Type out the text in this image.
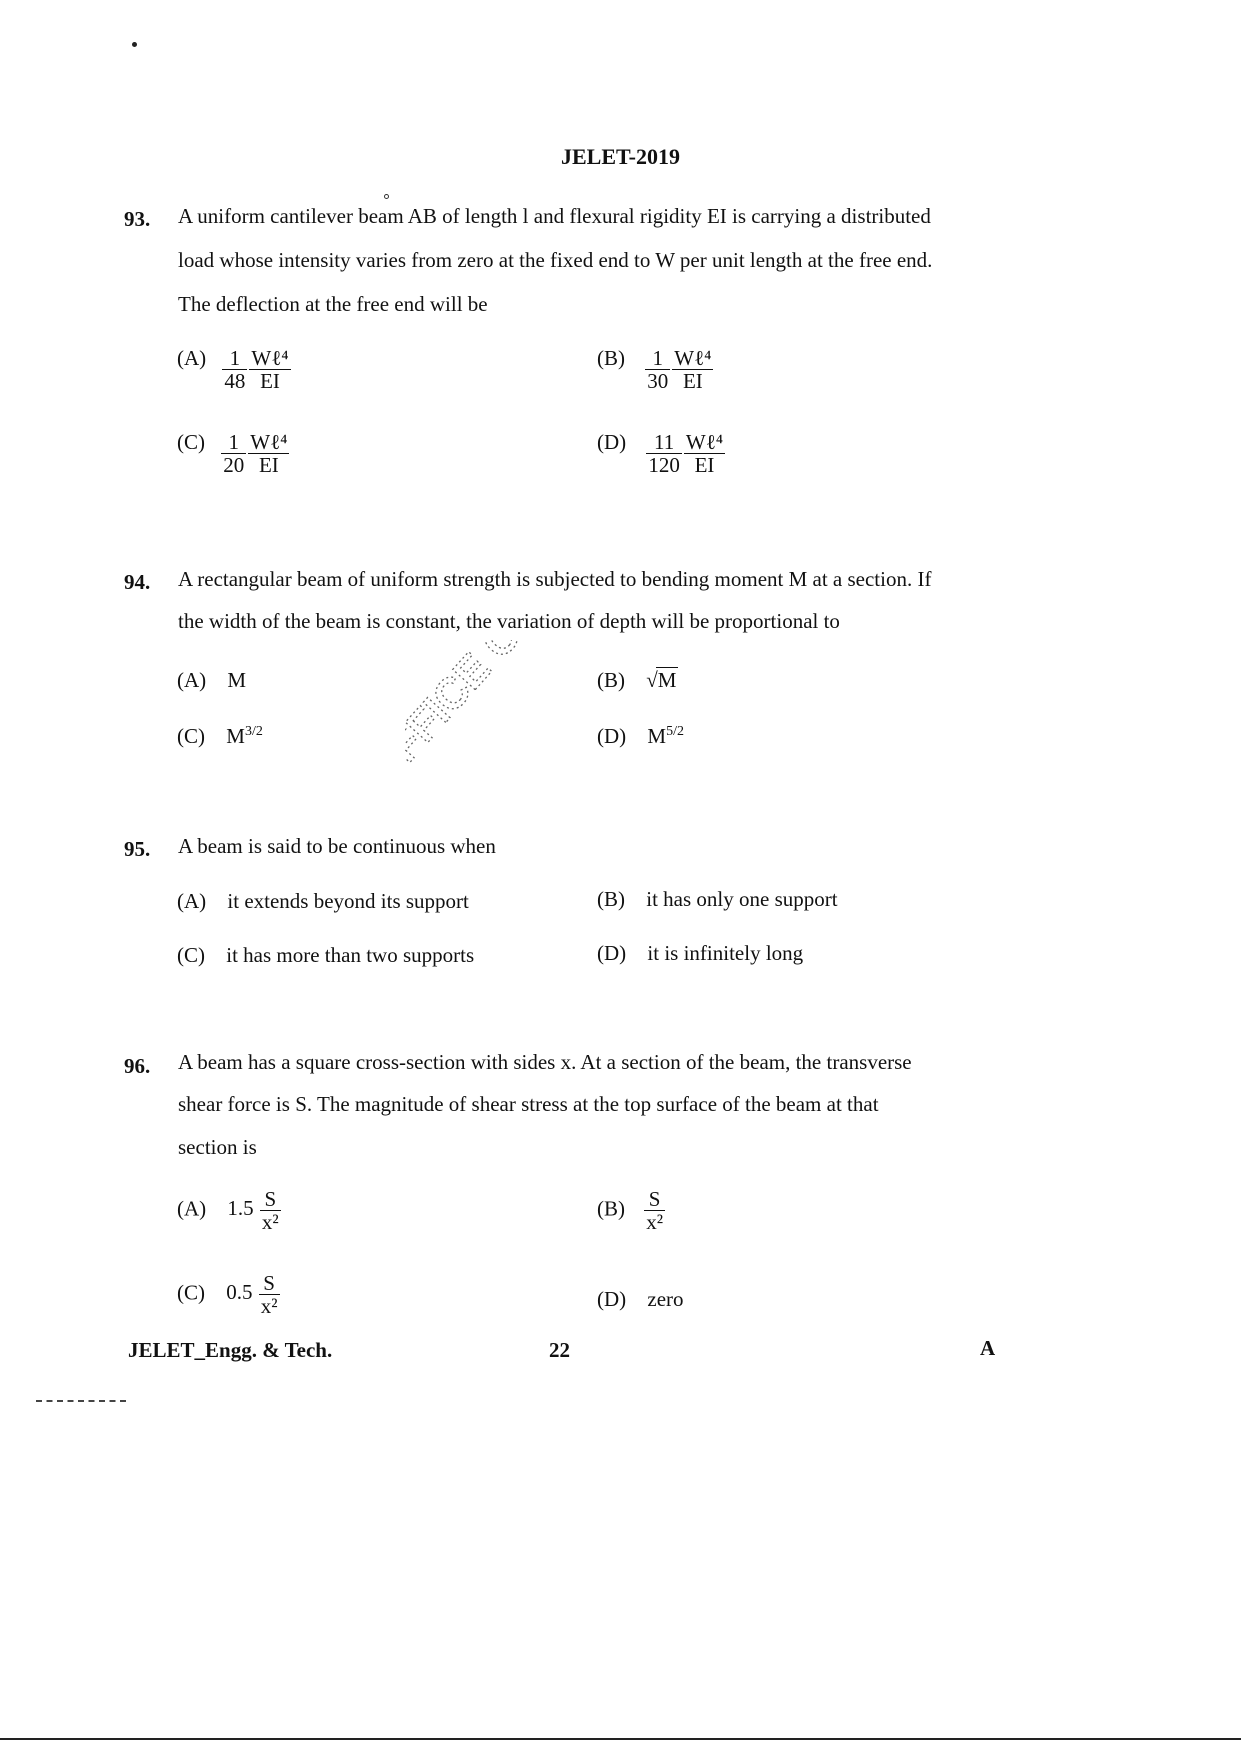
JELET-2019
93. A uniform cantilever beam AB of length l and flexural rigidity EI is carrying a distributed
load whose intensity varies from zero at the fixed end to W per unit length at the free end.
The deflection at the free end will be
$(A) \frac{1}{48} \frac{\text{Wℓ⁴}}{EI}$	$(B) \frac{1}{30} \frac{\text{Wℓ⁴}}{EI}$
$(C) \frac{1}{20} \frac{\text{Wℓ⁴}}{EI}$	$(D) \frac{11}{120} \frac{\text{Wℓ⁴}}{EI}$
94. A rectangular beam of uniform strength is subjected to bending moment M at a section. If
the width of the beam is constant, the variation of depth will be proportional to
(A) M	(B) √M
(C) $M^{3/2}$	(D) $M^{5/2}$
OFFICE
95. A beam is said to be continuous when
(A) it extends beyond its support	(B) it has only one support
(C) it has more than two supports	(D) it is infinitely long
96. A beam has a square cross-section with sides x. At a section of the beam, the transverse
shear force is S. The magnitude of shear stress at the top surface of the beam at that
section is
(A) $1.5 \frac{S}{\text{x²}}$	$(B) \frac{S}{\text{x²}}$
(C) $0.5 \frac{S}{\text{x²}}$	(D) zero
JELET_Engg. & Tech.	22	A
